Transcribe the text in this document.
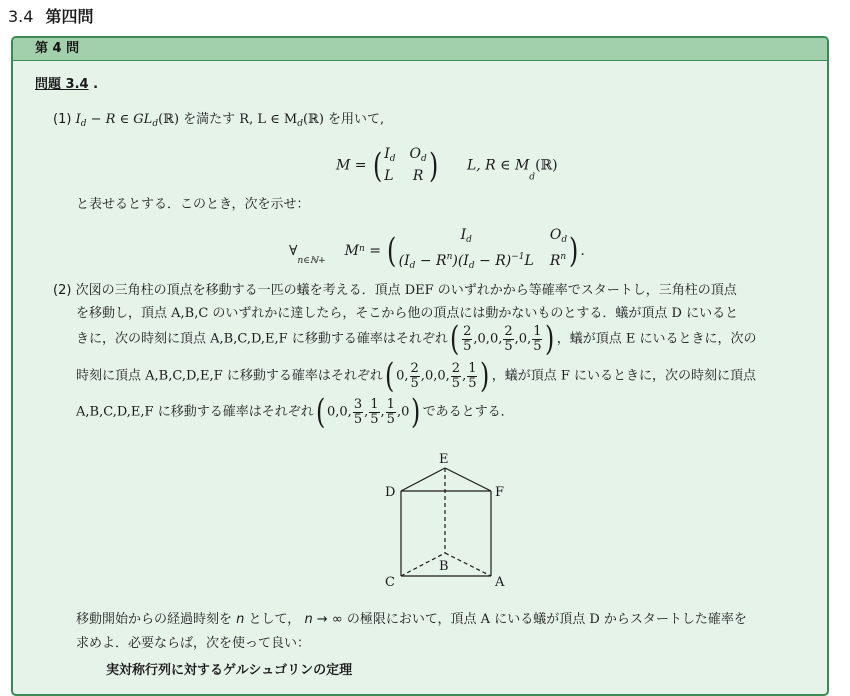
3.4 第四問
第 4 問
問題 3.4 .
(1) $I_d - R$ ∈ $GL_d(ℝ)$ を満たす R, L ∈ $M_d(ℝ)$ を用いて,
M = ( $I_d$ $O_d$
L R ) L, R ∈ $M_d(ℝ)$
と表せるとする．このとき，次を示せ：
$\forall_{n\in ℕ+}$  $M^n$ = (	$I_d$	$O_d$
$(I_d - R^n)(I_d - R)^{-1}L$ $R^n$ ) .
(2) 次図の三角柱の頂点を移動する一匹の蟻を考える．頂点 DEF のいずれかから等確率でスタートし，三角柱の頂点
を移動し，頂点 A,B,C のいずれかに達したら，そこから他の頂点には動かないものとする．蟻が頂点 D にいると
きに，次の時刻に頂点 A,B,C,D,E,F に移動する確率はそれぞれ( $\frac{2}{5} ,0,0$, $\frac{2}{5} ,0$, $\frac{1}{5}$ ) ，蟻が頂点 E にいるときに，次の
時刻に頂点 A,B,C,D,E,F に移動する確率はそれぞれ( 0, $\frac{2}{5} ,0,0$, $\frac{2}{5}$ , $\frac{1}{5}$ ) ，蟻が頂点 F にいるときに，次の時刻に頂点
A,B,C,D,E,F に移動する確率はそれぞれ( 0,0, $\frac{3}{5}$ , $\frac{1}{5}$ , $\frac{1}{5} ,0$) であるとする．
E
D	F
B
C	A
移動開始からの経過時刻を n として， n → ∞ の極限において，頂点 A にいる蟻が頂点 D からスタートした確率を
求めよ．必要ならば，次を使って良い：
実対称行列に対するゲルシュゴリンの定理
